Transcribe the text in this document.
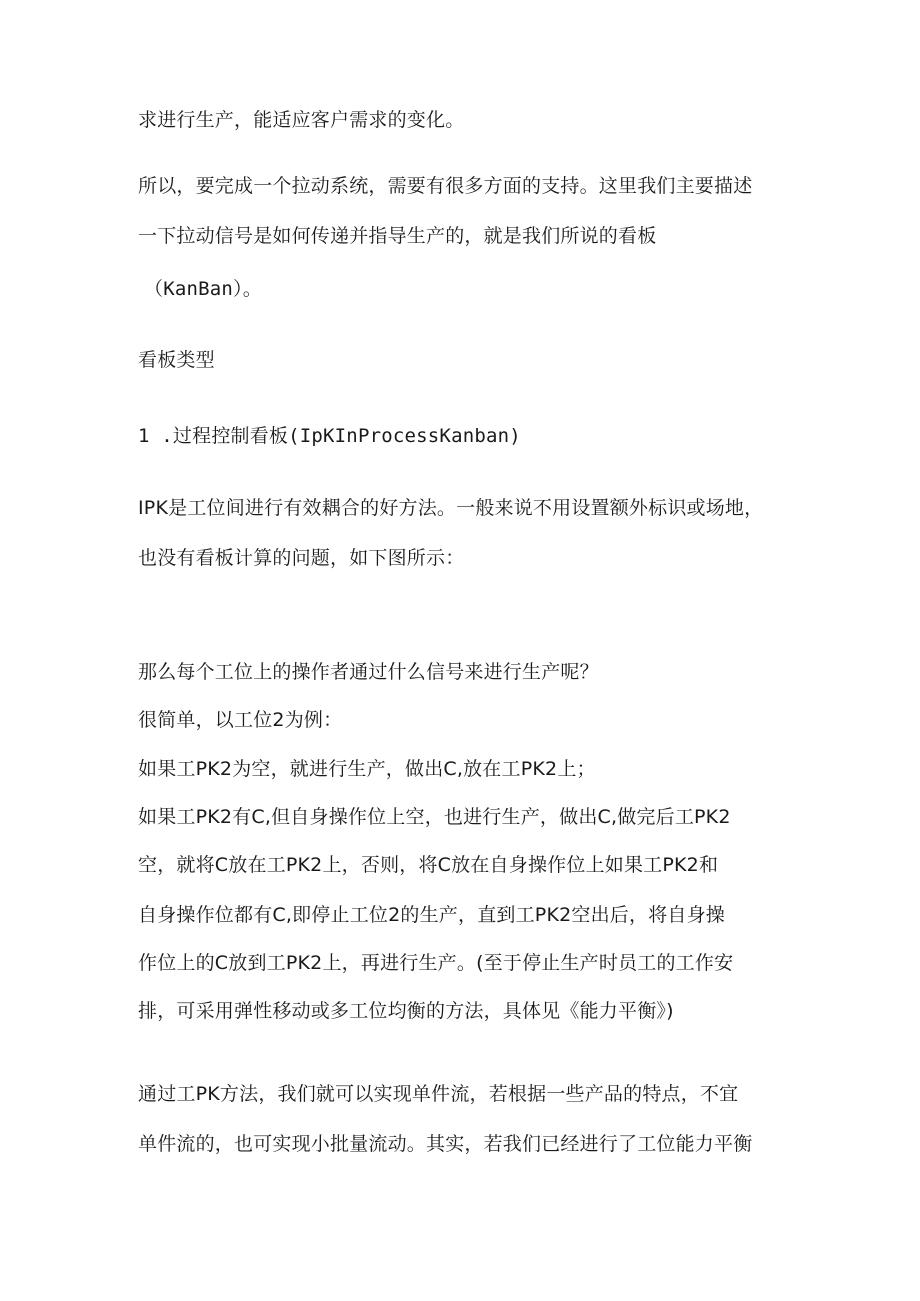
求进行生产，能适应客户需求的变化。
所以，要完成一个拉动系统，需要有很多方面的支持。这里我们主要描述
一下拉动信号是如何传递并指导生产的，就是我们所说的看板
（KanBan）。
看板类型
1 .过程控制看板(IpKInProcessKanban)
IPK是工位间进行有效耦合的好方法。一般来说不用设置额外标识或场地，
也没有看板计算的问题，如下图所示：
那么每个工位上的操作者通过什么信号来进行生产呢？
很简单，以工位2为例：
如果工PK2为空，就进行生产，做出C,放在工PK2上；
如果工PK2有C,但自身操作位上空，也进行生产，做出C,做完后工PK2
空，就将C放在工PK2上，否则，将C放在自身操作位上如果工PK2和
自身操作位都有C,即停止工位2的生产，直到工PK2空出后，将自身操
作位上的C放到工PK2上，再进行生产。(至于停止生产时员工的工作安
排，可采用弹性移动或多工位均衡的方法，具体见《能力平衡》)
通过工PK方法，我们就可以实现单件流，若根据一些产品的特点，不宜
单件流的，也可实现小批量流动。其实，若我们已经进行了工位能力平衡
